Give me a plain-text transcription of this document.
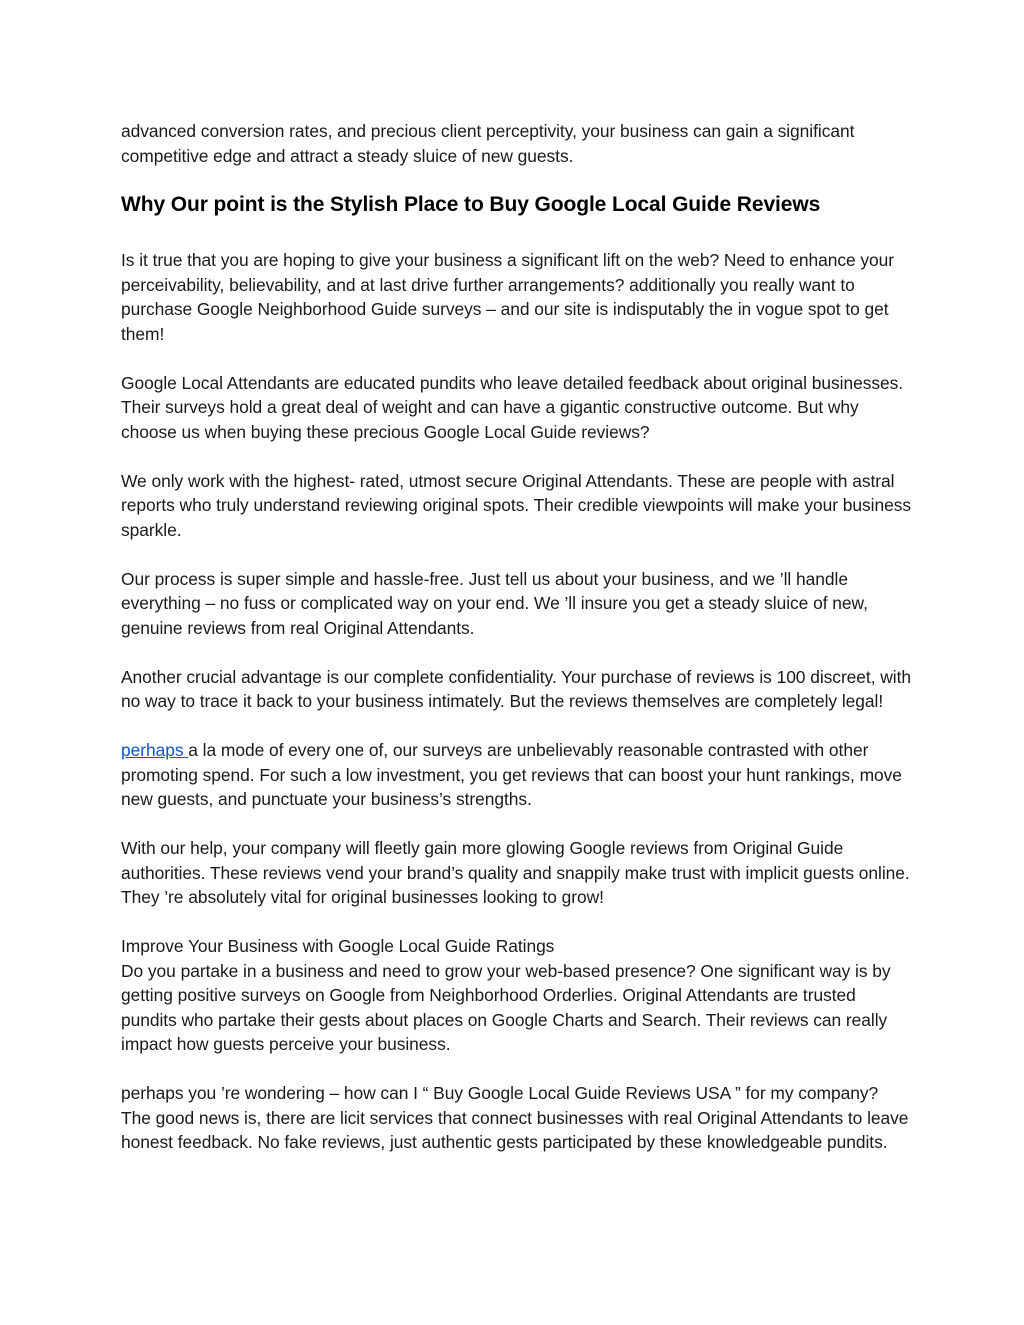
advanced conversion rates, and precious client perceptivity, your business can gain a significant competitive edge and attract a steady sluice of new guests.

Why Our point is the Stylish Place to Buy Google Local Guide Reviews

Is it true that you are hoping to give your business a significant lift on the web? Need to enhance your perceivability, believability, and at last drive further arrangements? additionally you really want to purchase Google Neighborhood Guide surveys – and our site is indisputably the in vogue spot to get them!

Google Local Attendants are educated pundits who leave detailed feedback about original businesses. Their surveys hold a great deal of weight and can have a gigantic constructive outcome. But why choose us when buying these precious Google Local Guide reviews?

We only work with the highest- rated, utmost secure Original Attendants. These are people with astral reports who truly understand reviewing original spots. Their credible viewpoints will make your business sparkle.

Our process is super simple and hassle-free. Just tell us about your business, and we ’ll handle everything – no fuss or complicated way on your end. We ’ll insure you get a steady sluice of new, genuine reviews from real Original Attendants.

Another crucial advantage is our complete confidentiality. Your purchase of reviews is 100 discreet, with no way to trace it back to your business intimately. But the reviews themselves are completely legal!

perhaps a la mode of every one of, our surveys are unbelievably reasonable contrasted with other promoting spend. For such a low investment, you get reviews that can boost your hunt rankings, move new guests, and punctuate your business’s strengths.

With our help, your company will fleetly gain more glowing Google reviews from Original Guide authorities. These reviews vend your brand’s quality and snappily make trust with implicit guests online. They ’re absolutely vital for original businesses looking to grow!

Improve Your Business with Google Local Guide Ratings

Do you partake in a business and need to grow your web-based presence? One significant way is by getting positive surveys on Google from Neighborhood Orderlies. Original Attendants are trusted pundits who partake their gests about places on Google Charts and Search. Their reviews can really impact how guests perceive your business.

perhaps you ’re wondering – how can I “ Buy Google Local Guide Reviews USA ” for my company? The good news is, there are licit services that connect businesses with real Original Attendants to leave honest feedback. No fake reviews, just authentic gests participated by these knowledgeable pundits.
